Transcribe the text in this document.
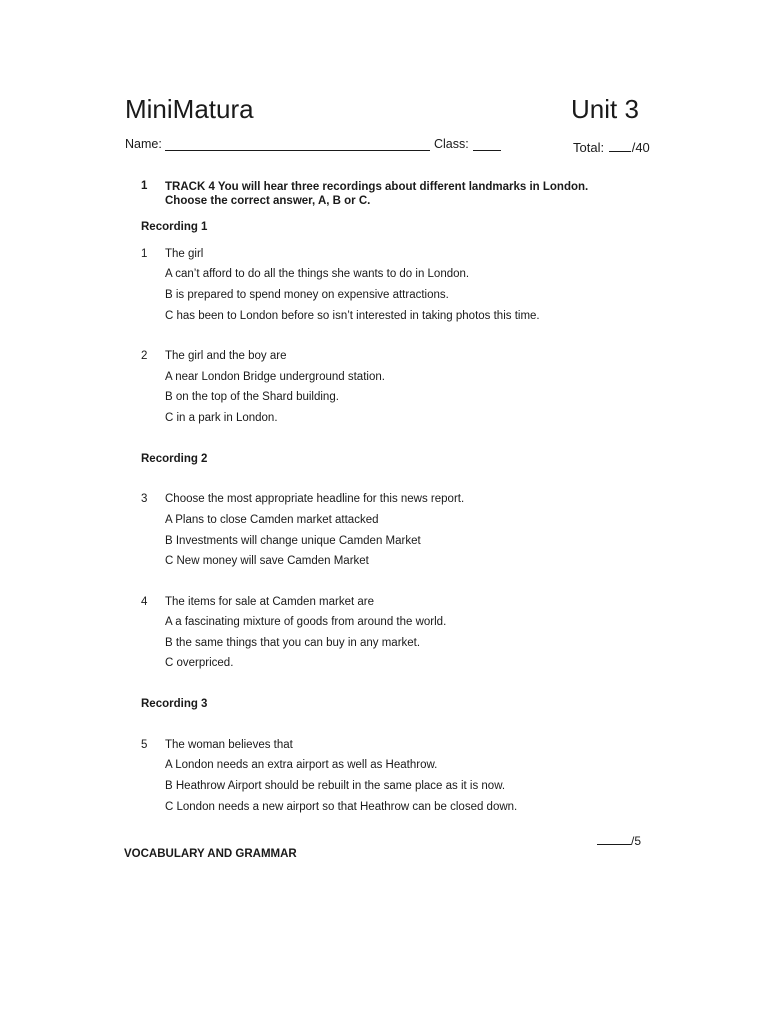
MiniMatura	Unit 3
Name:	Class:	Total: /40
1 TRACK 4 You will hear three recordings about different landmarks in London. Choose the correct answer, A, B or C.
Recording 1
1 The girl
A can’t afford to do all the things she wants to do in London.
B is prepared to spend money on expensive attractions.
C has been to London before so isn’t interested in taking photos this time.
2 The girl and the boy are
A near London Bridge underground station.
B on the top of the Shard building.
C in a park in London.
Recording 2
3 Choose the most appropriate headline for this news report.
A Plans to close Camden market attacked
B Investments will change unique Camden Market
C New money will save Camden Market
4 The items for sale at Camden market are
A a fascinating mixture of goods from around the world.
B the same things that you can buy in any market.
C overpriced.
Recording 3
5 The woman believes that
A London needs an extra airport as well as Heathrow.
B Heathrow Airport should be rebuilt in the same place as it is now.
C London needs a new airport so that Heathrow can be closed down.
/5
VOCABULARY AND GRAMMAR
